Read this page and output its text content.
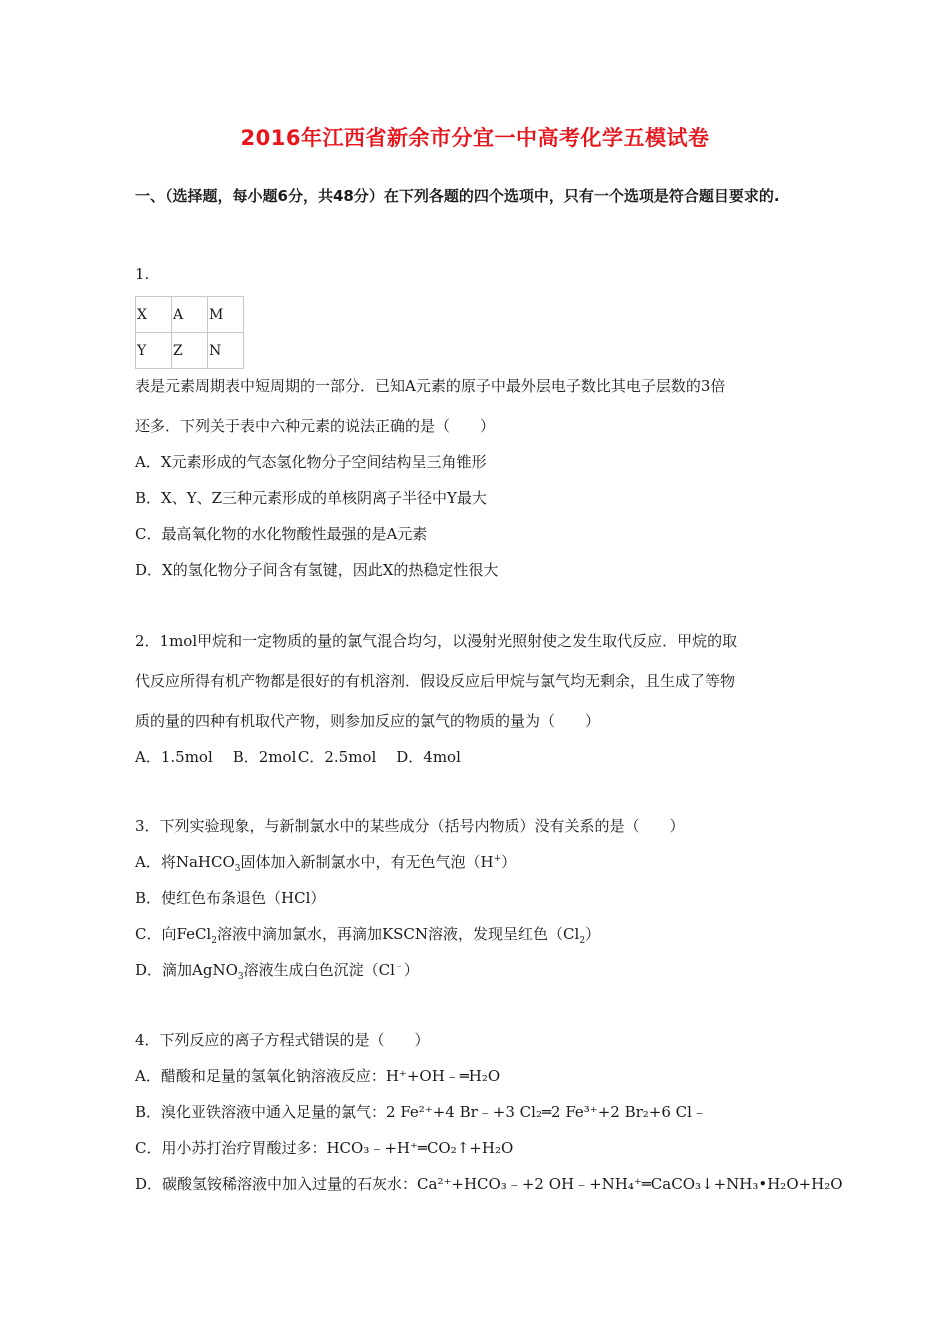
2016年江西省新余市分宜一中高考化学五模试卷
一、（选择题，每小题6分，共48分）在下列各题的四个选项中，只有一个选项是符合题目要求的.
1.
X	A	M
Y	Z	N
表是元素周期表中短周期的一部分．已知A元素的原子中最外层电子数比其电子层数的3倍
还多．下列关于表中六种元素的说法正确的是（　　）
A．X元素形成的气态氢化物分子空间结构呈三角锥形
B．X、Y、Z三种元素形成的单核阴离子半径中Y最大
C．最高氧化物的水化物酸性最强的是A元素
D．X的氢化物分子间含有氢键，因此X的热稳定性很大
2．1mol甲烷和一定物质的量的氯气混合均匀，以漫射光照射使之发生取代反应．甲烷的取
代反应所得有机产物都是很好的有机溶剂．假设反应后甲烷与氯气均无剩余，且生成了等物
质的量的四种有机取代产物，则参加反应的氯气的物质的量为（　　）
A．1.5mol B．2mol  C．2.5mol D．4mol
3．下列实验现象，与新制氯水中的某些成分（括号内物质）没有关系的是（　　）
A．将NaHCO$_3$固体加入新制氯水中，有无色气泡（H+）
B．使红色布条退色（HCl）
C．向FeCl$_2$溶液中滴加氯水，再滴加KSCN溶液，发现呈红色$(Cl_2)$
D．滴加AgNO$_3$溶液生成白色沉淀（Cl﹣）
4．下列反应的离子方程式错误的是（　　）
A．醋酸和足量的氢氧化钠溶液反应：H⁺+OH﹣═H₂O
B．溴化亚铁溶液中通入足量的氯气：2 Fe²⁺+4 Br﹣+3 Cl₂═2 Fe³⁺+2 Br₂+6 Cl﹣
C．用小苏打治疗胃酸过多：HCO₃﹣+H⁺═CO₂↑+H₂O
D．碳酸氢铵稀溶液中加入过量的石灰水：Ca²⁺+HCO₃﹣+2 OH﹣+NH₄⁺═CaCO₃↓+NH₃•H₂O+H₂O
